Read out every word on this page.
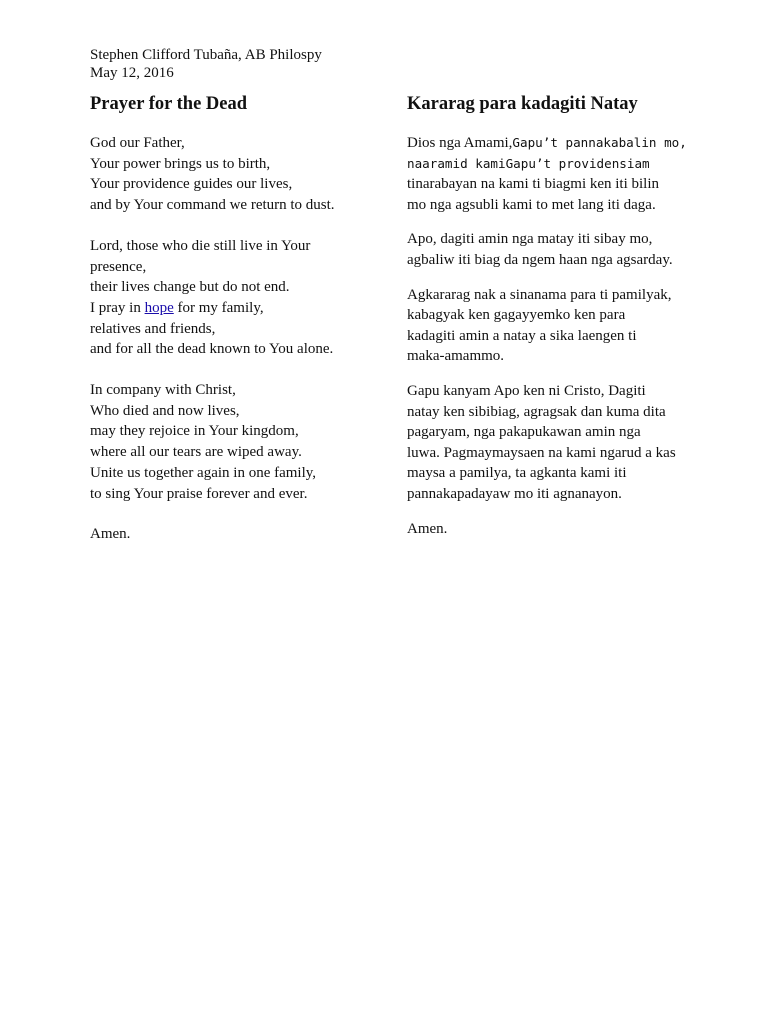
Stephen Clifford Tubaña, AB Philospy
May 12, 2016
Prayer for the Dead
God our Father,
Your power brings us to birth,
Your providence guides our lives,
and by Your command we return to dust.
Lord, those who die still live in Your
presence,
their lives change but do not end.
I pray in hope for my family,
relatives and friends,
and for all the dead known to You alone.
In company with Christ,
Who died and now lives,
may they rejoice in Your kingdom,
where all our tears are wiped away.
Unite us together again in one family,
to sing Your praise forever and ever.
Amen.
Kararag para kadagiti Natay
Dios nga Amami,Gapu’t pannakabalin mo,
naaramid kamiGapu’t providensiam
tinarabayan na kami ti biagmi ken iti bilin
mo nga agsubli kami to met lang iti daga.
Apo, dagiti amin nga matay iti sibay mo,
agbaliw iti biag da ngem haan nga agsarday.
Agkararag nak a sinanama para ti pamilyak,
kabagyak ken gagayyemko ken para
kadagiti amin a natay a sika laengen ti
maka-amammo.
Gapu kanyam Apo ken ni Cristo, Dagiti
natay ken sibibiag, agragsak dan kuma dita
pagaryam, nga pakapukawan amin nga
luwa. Pagmaymaysaen na kami ngarud a kas
maysa a pamilya, ta agkanta kami iti
pannakapadayaw mo iti agnanayon.
Amen.
